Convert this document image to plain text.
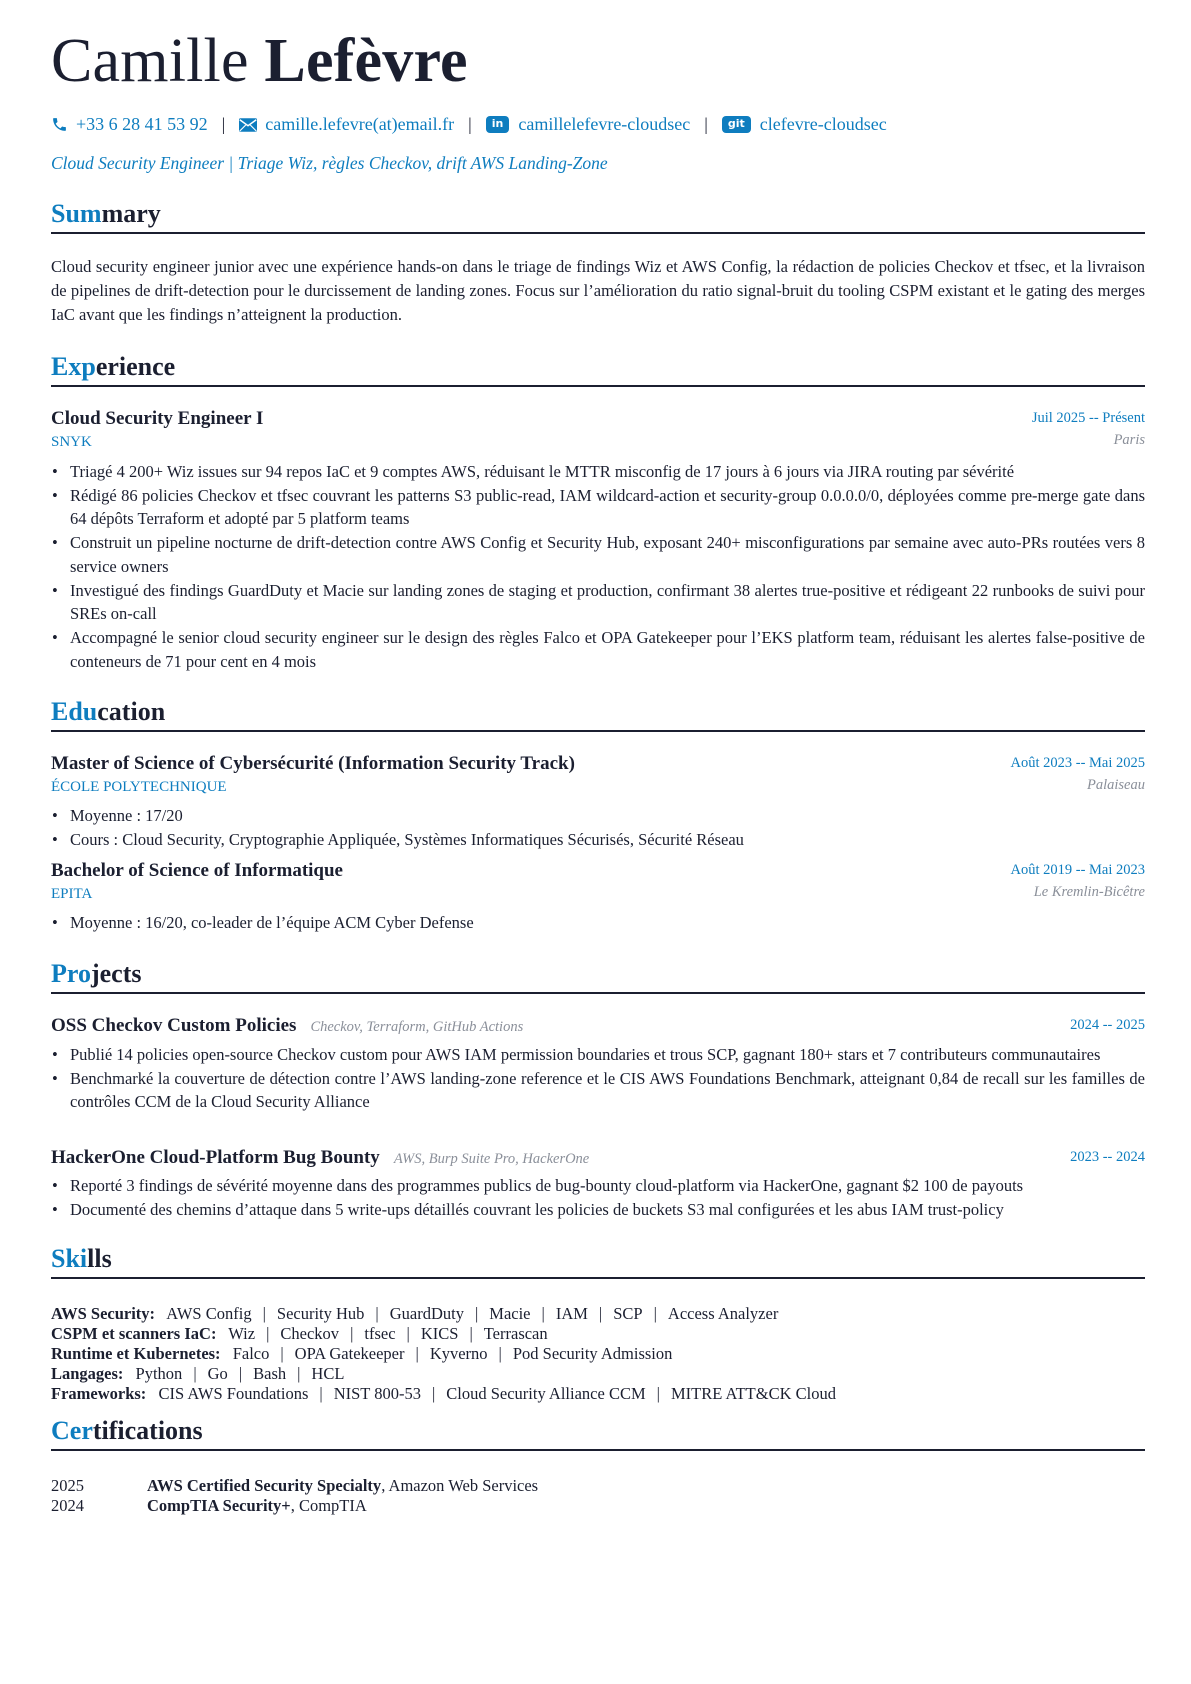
Camille Lefèvre
+33 6 28 41 53 92 | camille.lefevre(at)email.fr |	in camillelefevre-cloudsec |	git clefevre-cloudsec
Cloud Security Engineer | Triage Wiz, règles Checkov, drift AWS Landing-Zone
Summary
Cloud security engineer junior avec une expérience hands-on dans le triage de findings Wiz et AWS Config, la rédaction de policies Checkov et tfsec, et la livraison de pipelines de drift-detection pour le durcissement de landing zones. Focus sur l’amélioration du ratio signal-bruit du tooling CSPM existant et le gating des merges IaC avant que les findings n’atteignent la production.
Experience
Cloud Security Engineer I	Juil 2025 -- Présent
SNYK	Paris
• Triagé 4 200+ Wiz issues sur 94 repos IaC et 9 comptes AWS, réduisant le MTTR misconfig de 17 jours à 6 jours via JIRA routing par sévérité
• Rédigé 86 policies Checkov et tfsec couvrant les patterns S3 public-read, IAM wildcard-action et security-group 0.0.0.0/0, déployées comme pre-merge gate dans 64 dépôts Terraform et adopté par 5 platform teams
• Construit un pipeline nocturne de drift-detection contre AWS Config et Security Hub, exposant 240+ misconfigurations par semaine avec auto-PRs routées vers 8 service owners
• Investigué des findings GuardDuty et Macie sur landing zones de staging et production, confirmant 38 alertes true-positive et rédigeant 22 runbooks de suivi pour SREs on-call
• Accompagné le senior cloud security engineer sur le design des règles Falco et OPA Gatekeeper pour l’EKS platform team, réduisant les alertes false-positive de conteneurs de 71 pour cent en 4 mois
Education
Master of Science of Cybersécurité (Information Security Track)	Août 2023 -- Mai 2025
ÉCOLE POLYTECHNIQUE	Palaiseau
• Moyenne : 17/20
• Cours : Cloud Security, Cryptographie Appliquée, Systèmes Informatiques Sécurisés, Sécurité Réseau
Bachelor of Science of Informatique	Août 2019 -- Mai 2023
EPITA	Le Kremlin-Bicêtre
• Moyenne : 16/20, co-leader de l’équipe ACM Cyber Defense
Projects
OSS Checkov Custom Policies Checkov, Terraform, GitHub Actions	2024 -- 2025
• Publié 14 policies open-source Checkov custom pour AWS IAM permission boundaries et trous SCP, gagnant 180+ stars et 7 contributeurs communautaires
• Benchmarké la couverture de détection contre l’AWS landing-zone reference et le CIS AWS Foundations Benchmark, atteignant 0,84 de recall sur les familles de contrôles CCM de la Cloud Security Alliance
HackerOne Cloud-Platform Bug Bounty AWS, Burp Suite Pro, HackerOne	2023 -- 2024
• Reporté 3 findings de sévérité moyenne dans des programmes publics de bug-bounty cloud-platform via HackerOne, gagnant $2 100 de payouts
• Documenté des chemins d’attaque dans 5 write-ups détaillés couvrant les policies de buckets S3 mal configurées et les abus IAM trust-policy
Skills
AWS Security: AWS Config | Security Hub | GuardDuty | Macie | IAM | SCP | Access Analyzer
CSPM et scanners IaC: Wiz | Checkov | tfsec | KICS | Terrascan
Runtime et Kubernetes: Falco | OPA Gatekeeper | Kyverno | Pod Security Admission
Langages: Python | Go | Bash | HCL
Frameworks: CIS AWS Foundations | NIST 800-53 | Cloud Security Alliance CCM | MITRE ATT&CK Cloud
Certifications
2025	AWS Certified Security Specialty, Amazon Web Services
2024	CompTIA Security+, CompTIA
